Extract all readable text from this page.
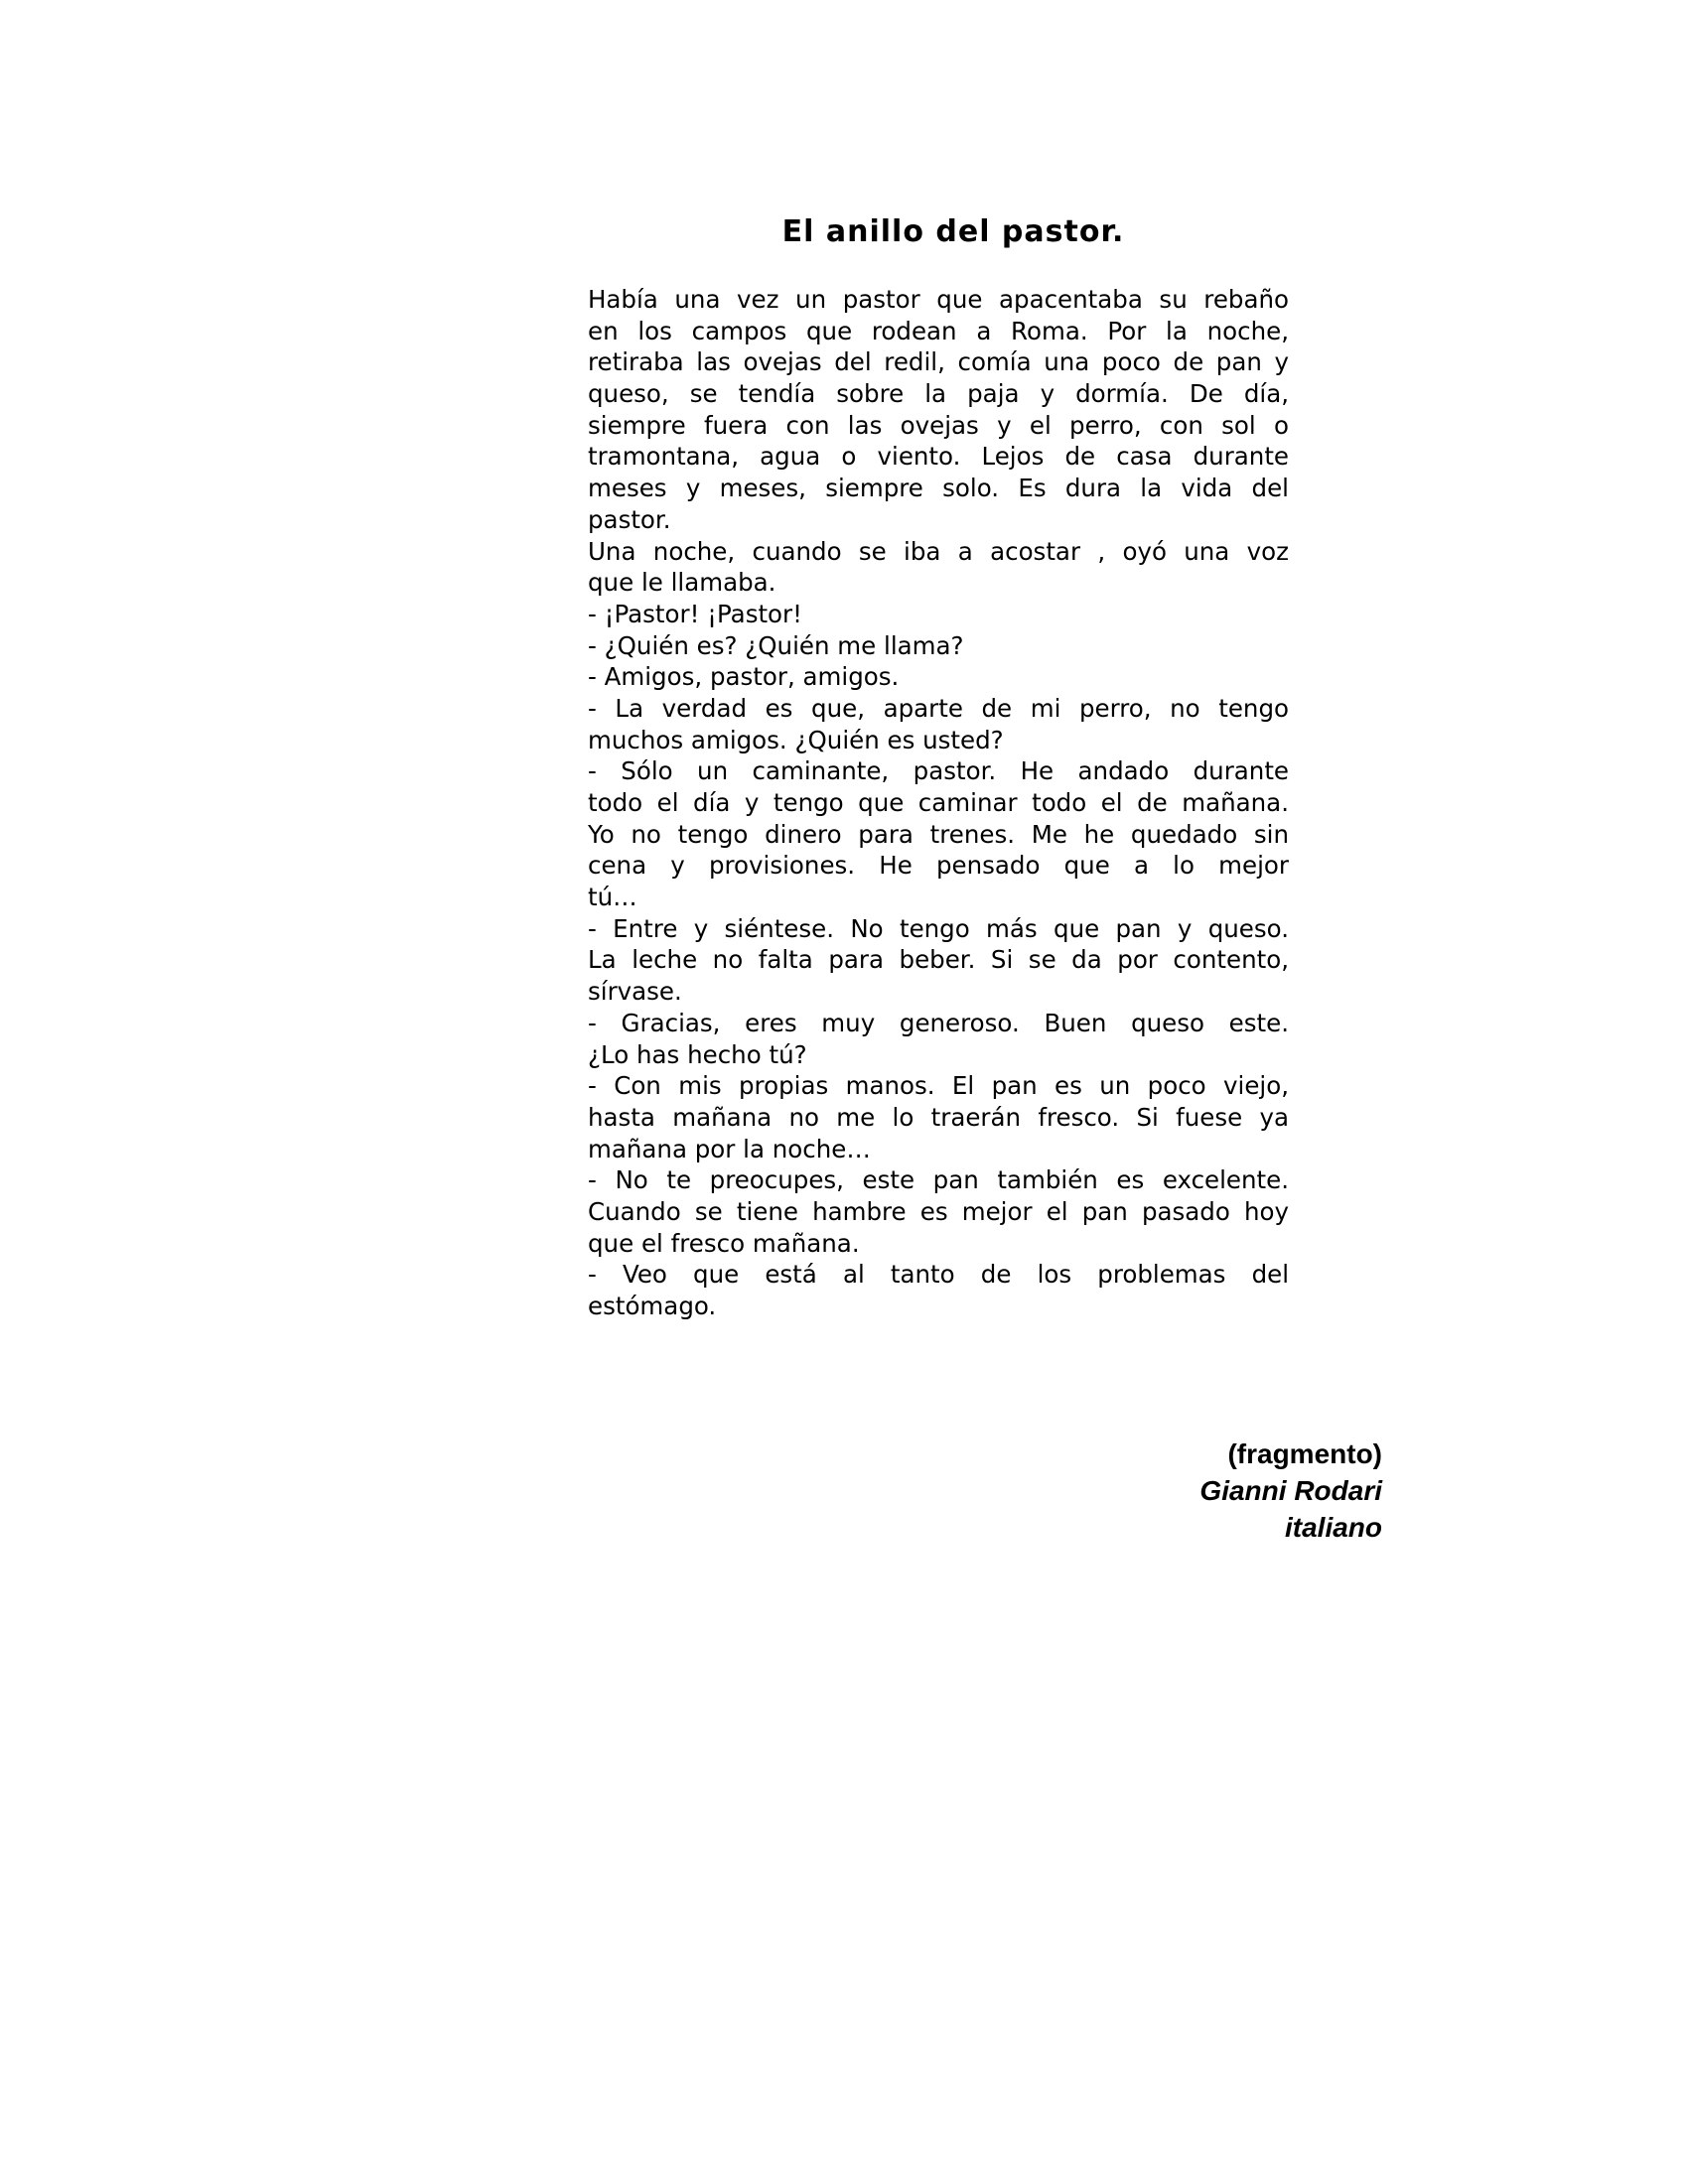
El anillo del pastor.
Había una vez un pastor que apacentaba su rebaño
en los campos que rodean a Roma. Por la noche,
retiraba las ovejas del redil, comía una poco de pan y
queso, se tendía sobre la paja y dormía. De día,
siempre fuera con las ovejas y el perro, con sol o
tramontana, agua o viento. Lejos de casa durante
meses y meses, siempre solo. Es dura la vida del
pastor.
Una noche, cuando se iba a acostar , oyó una voz
que le llamaba.
- ¡Pastor! ¡Pastor!
- ¿Quién es? ¿Quién me llama?
- Amigos, pastor, amigos.
- La verdad es que, aparte de mi perro, no tengo
muchos amigos. ¿Quién es usted?
- Sólo un caminante, pastor. He andado durante
todo el día y tengo que caminar todo el de mañana.
Yo no tengo dinero para trenes. Me he quedado sin
cena y provisiones. He pensado que a lo mejor
tú…
- Entre y siéntese. No tengo más que pan y queso.
La leche no falta para beber. Si se da por contento,
sírvase.
- Gracias, eres muy generoso. Buen queso este.
¿Lo has hecho tú?
- Con mis propias manos. El pan es un poco viejo,
hasta mañana no me lo traerán fresco. Si fuese ya
mañana por la noche…
- No te preocupes, este pan también es excelente.
Cuando se tiene hambre es mejor el pan pasado hoy
que el fresco mañana.
- Veo que está al tanto de los problemas del
estómago.
(fragmento)
Gianni Rodari
italiano
